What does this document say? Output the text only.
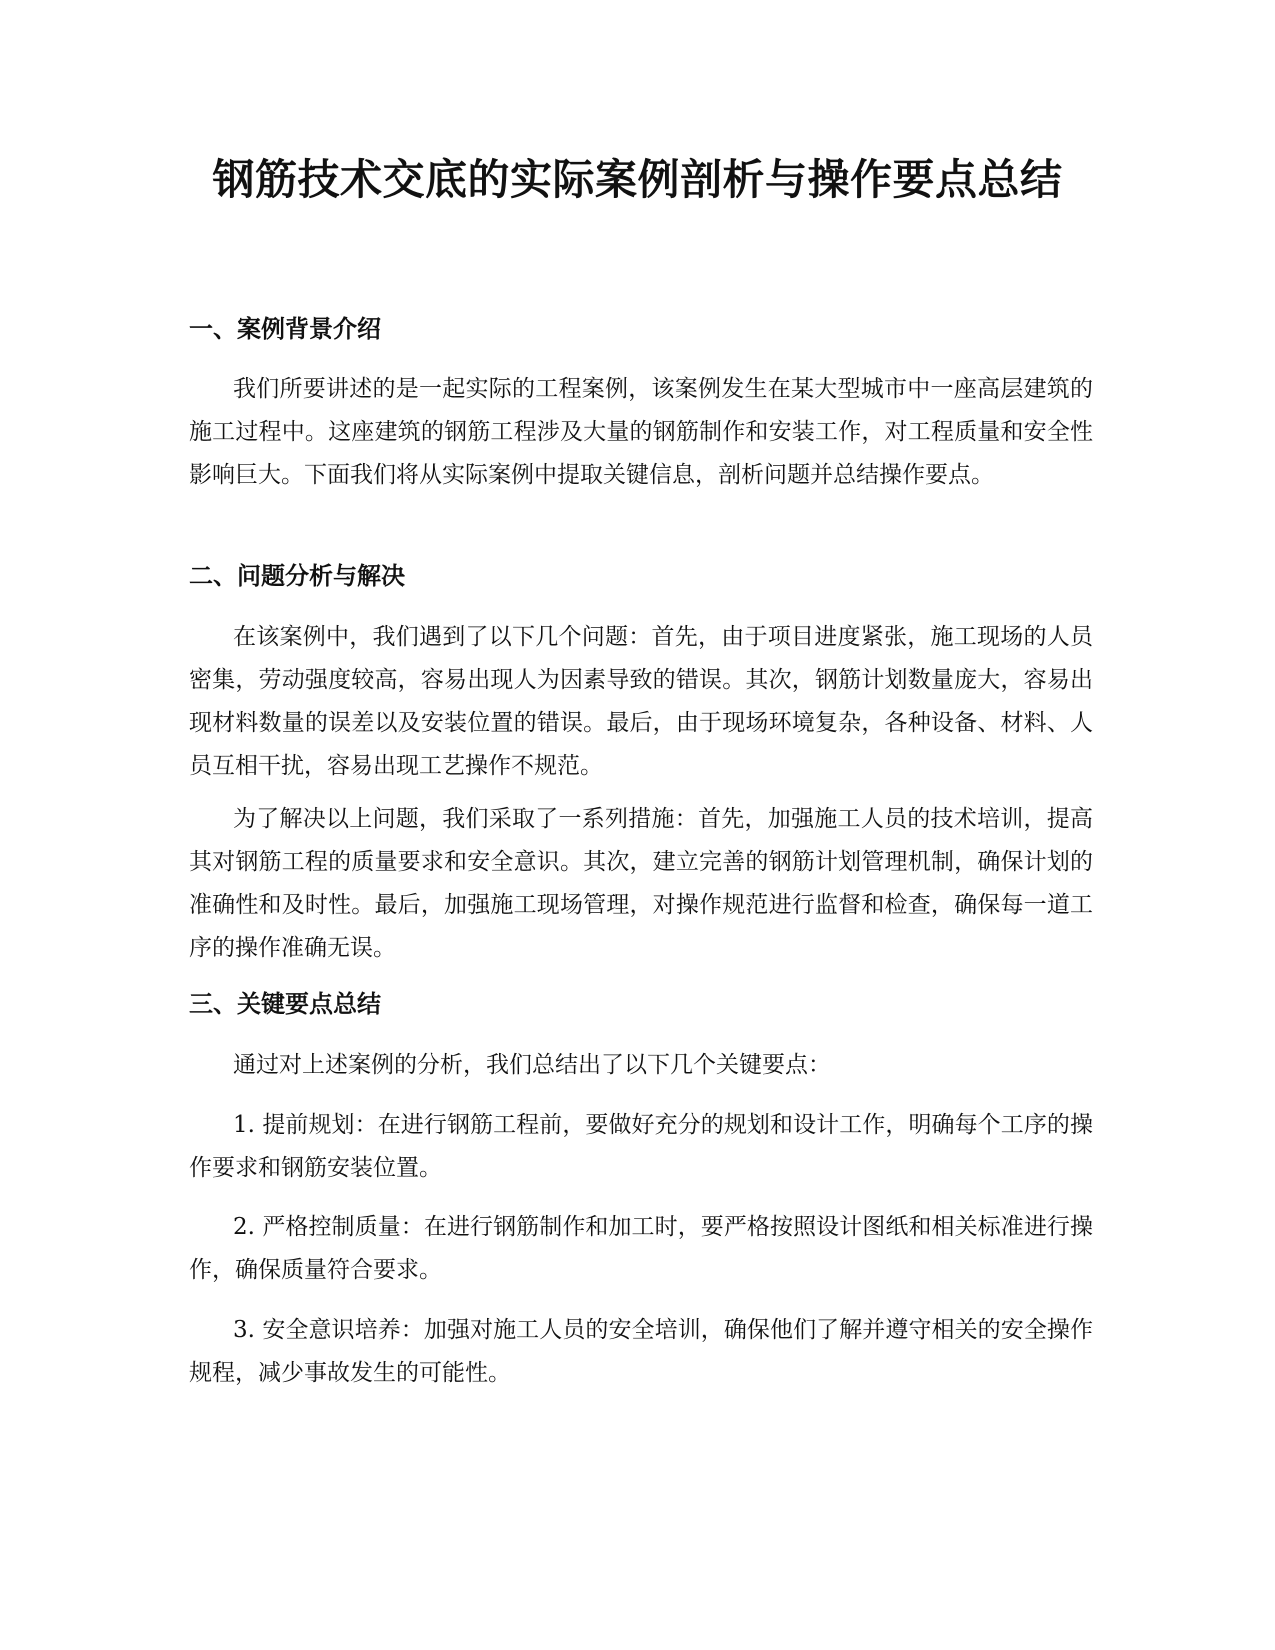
钢筋技术交底的实际案例剖析与操作要点总结
一、案例背景介绍

我们所要讲述的是一起实际的工程案例，该案例发生在某大型城市中一座高层建筑的施工过程中。这座建筑的钢筋工程涉及大量的钢筋制作和安装工作，对工程质量和安全性影响巨大。下面我们将从实际案例中提取关键信息，剖析问题并总结操作要点。

二、问题分析与解决

在该案例中，我们遇到了以下几个问题：首先，由于项目进度紧张，施工现场的人员密集，劳动强度较高，容易出现人为因素导致的错误。其次，钢筋计划数量庞大，容易出现材料数量的误差以及安装位置的错误。最后，由于现场环境复杂，各种设备、材料、人员互相干扰，容易出现工艺操作不规范。

为了解决以上问题，我们采取了一系列措施：首先，加强施工人员的技术培训，提高其对钢筋工程的质量要求和安全意识。其次，建立完善的钢筋计划管理机制，确保计划的准确性和及时性。最后，加强施工现场管理，对操作规范进行监督和检查，确保每一道工序的操作准确无误。

三、关键要点总结

通过对上述案例的分析，我们总结出了以下几个关键要点：

1. 提前规划：在进行钢筋工程前，要做好充分的规划和设计工作，明确每个工序的操作要求和钢筋安装位置。

2. 严格控制质量：在进行钢筋制作和加工时，要严格按照设计图纸和相关标准进行操作，确保质量符合要求。

3. 安全意识培养：加强对施工人员的安全培训，确保他们了解并遵守相关的安全操作规程，减少事故发生的可能性。
